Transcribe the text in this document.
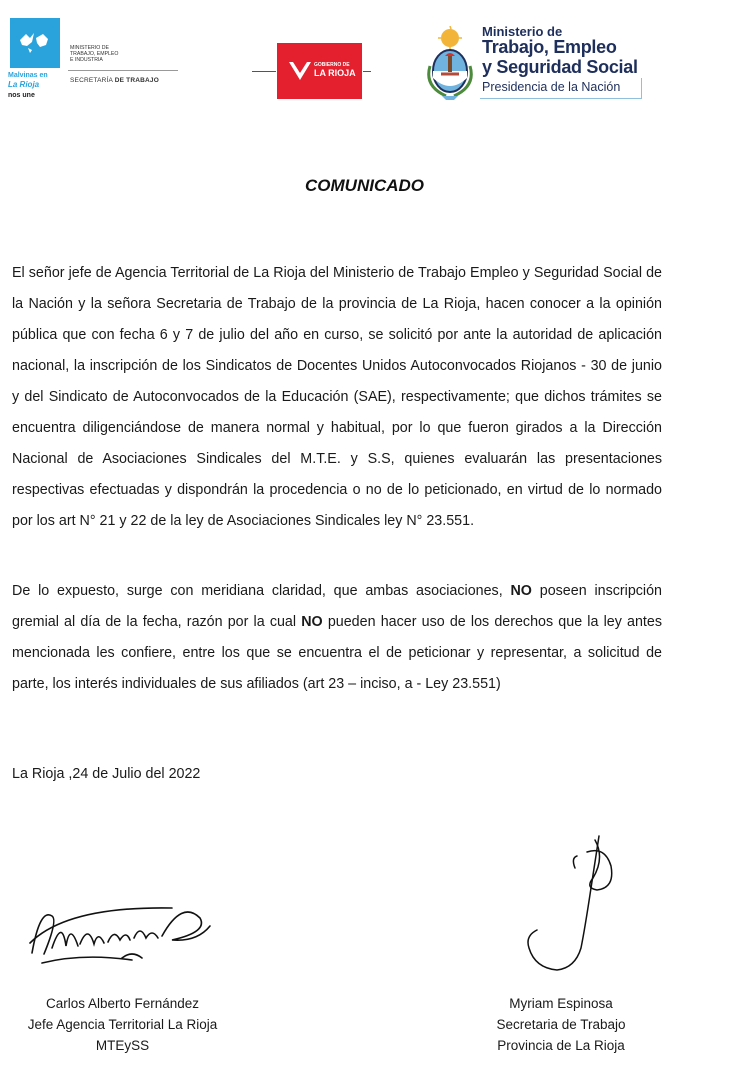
Malvinas en
La Rioja
nos une
MINISTERIO DE
TRABAJO, EMPLEO
E INDUSTRIA
SECRETARÍA DE TRABAJO
GOBIERNO DE
LA RIOJA
Ministerio de
Trabajo, Empleo
y Seguridad Social
Presidencia de la Nación
COMUNICADO

El señor jefe de Agencia Territorial de La Rioja del Ministerio de Trabajo Empleo y Seguridad Social de la Nación y la señora Secretaria de Trabajo de la provincia de La Rioja, hacen conocer a la opinión pública que con fecha 6 y 7 de julio del año en curso, se solicitó por ante la autoridad de aplicación nacional, la inscripción de los Sindicatos de Docentes Unidos Autoconvocados Riojanos - 30 de junio y del Sindicato de Autoconvocados de la Educación (SAE), respectivamente; que dichos trámites se encuentra diligenciándose de manera normal y habitual, por lo que fueron girados a la Dirección Nacional de Asociaciones Sindicales del M.T.E. y S.S, quienes evaluarán las presentaciones respectivas efectuadas y dispondrán la procedencia o no de lo peticionado, en virtud de lo normado por los art N° 21 y 22 de la ley de Asociaciones Sindicales ley N° 23.551.

De lo expuesto, surge con meridiana claridad, que ambas asociaciones, NO poseen inscripción gremial al día de la fecha, razón por la cual NO pueden hacer uso de los derechos que la ley antes mencionada les confiere, entre los que se encuentra el de peticionar y representar, a solicitud de parte, los interés individuales de sus afiliados (art 23 – inciso, a - Ley 23.551)

La Rioja ,24 de Julio del 2022
Carlos Alberto Fernández
Jefe Agencia Territorial La Rioja
MTEySS
Myriam Espinosa
Secretaria de Trabajo
Provincia de La Rioja
